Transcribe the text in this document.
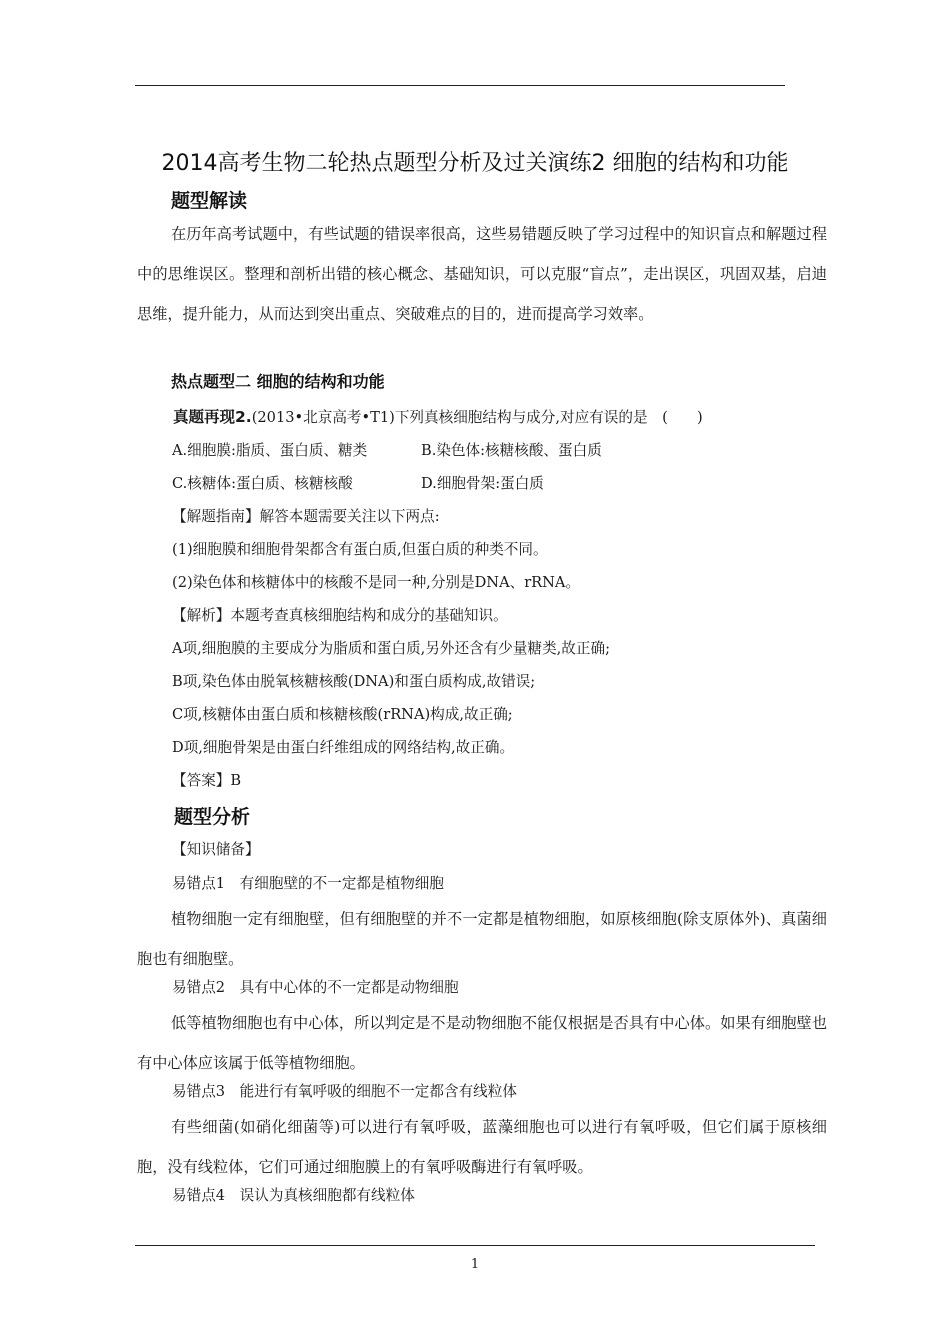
2014高考生物二轮热点题型分析及过关演练2 细胞的结构和功能
题型解读
在历年高考试题中，有些试题的错误率很高，这些易错题反映了学习过程中的知识盲点和解题过程中的思维误区。整理和剖析出错的核心概念、基础知识，可以克服“盲点”，走出误区，巩固双基，启迪思维，提升能力，从而达到突出重点、突破难点的目的，进而提高学习效率。
热点题型二 细胞的结构和功能
真题再现2.(2013•北京高考•T1)下列真核细胞结构与成分,对应有误的是　(　　)
A.细胞膜:脂质、蛋白质、糖类	B.染色体:核糖核酸、蛋白质
C.核糖体:蛋白质、核糖核酸	D.细胞骨架:蛋白质
【解题指南】解答本题需要关注以下两点:
(1)细胞膜和细胞骨架都含有蛋白质,但蛋白质的种类不同。
(2)染色体和核糖体中的核酸不是同一种,分别是DNA、rRNA。
【解析】本题考查真核细胞结构和成分的基础知识。
A项,细胞膜的主要成分为脂质和蛋白质,另外还含有少量糖类,故正确;
B项,染色体由脱氧核糖核酸(DNA)和蛋白质构成,故错误;
C项,核糖体由蛋白质和核糖核酸(rRNA)构成,故正确;
D项,细胞骨架是由蛋白纤维组成的网络结构,故正确。
【答案】B
题型分析
【知识储备】
易错点1　有细胞壁的不一定都是植物细胞
植物细胞一定有细胞壁，但有细胞壁的并不一定都是植物细胞，如原核细胞(除支原体外)、真菌细胞也有细胞壁。
易错点2　具有中心体的不一定都是动物细胞
低等植物细胞也有中心体，所以判定是不是动物细胞不能仅根据是否具有中心体。如果有细胞壁也有中心体应该属于低等植物细胞。
易错点3　能进行有氧呼吸的细胞不一定都含有线粒体
有些细菌(如硝化细菌等)可以进行有氧呼吸，蓝藻细胞也可以进行有氧呼吸，但它们属于原核细胞，没有线粒体，它们可通过细胞膜上的有氧呼吸酶进行有氧呼吸。
易错点4　误认为真核细胞都有线粒体
1
